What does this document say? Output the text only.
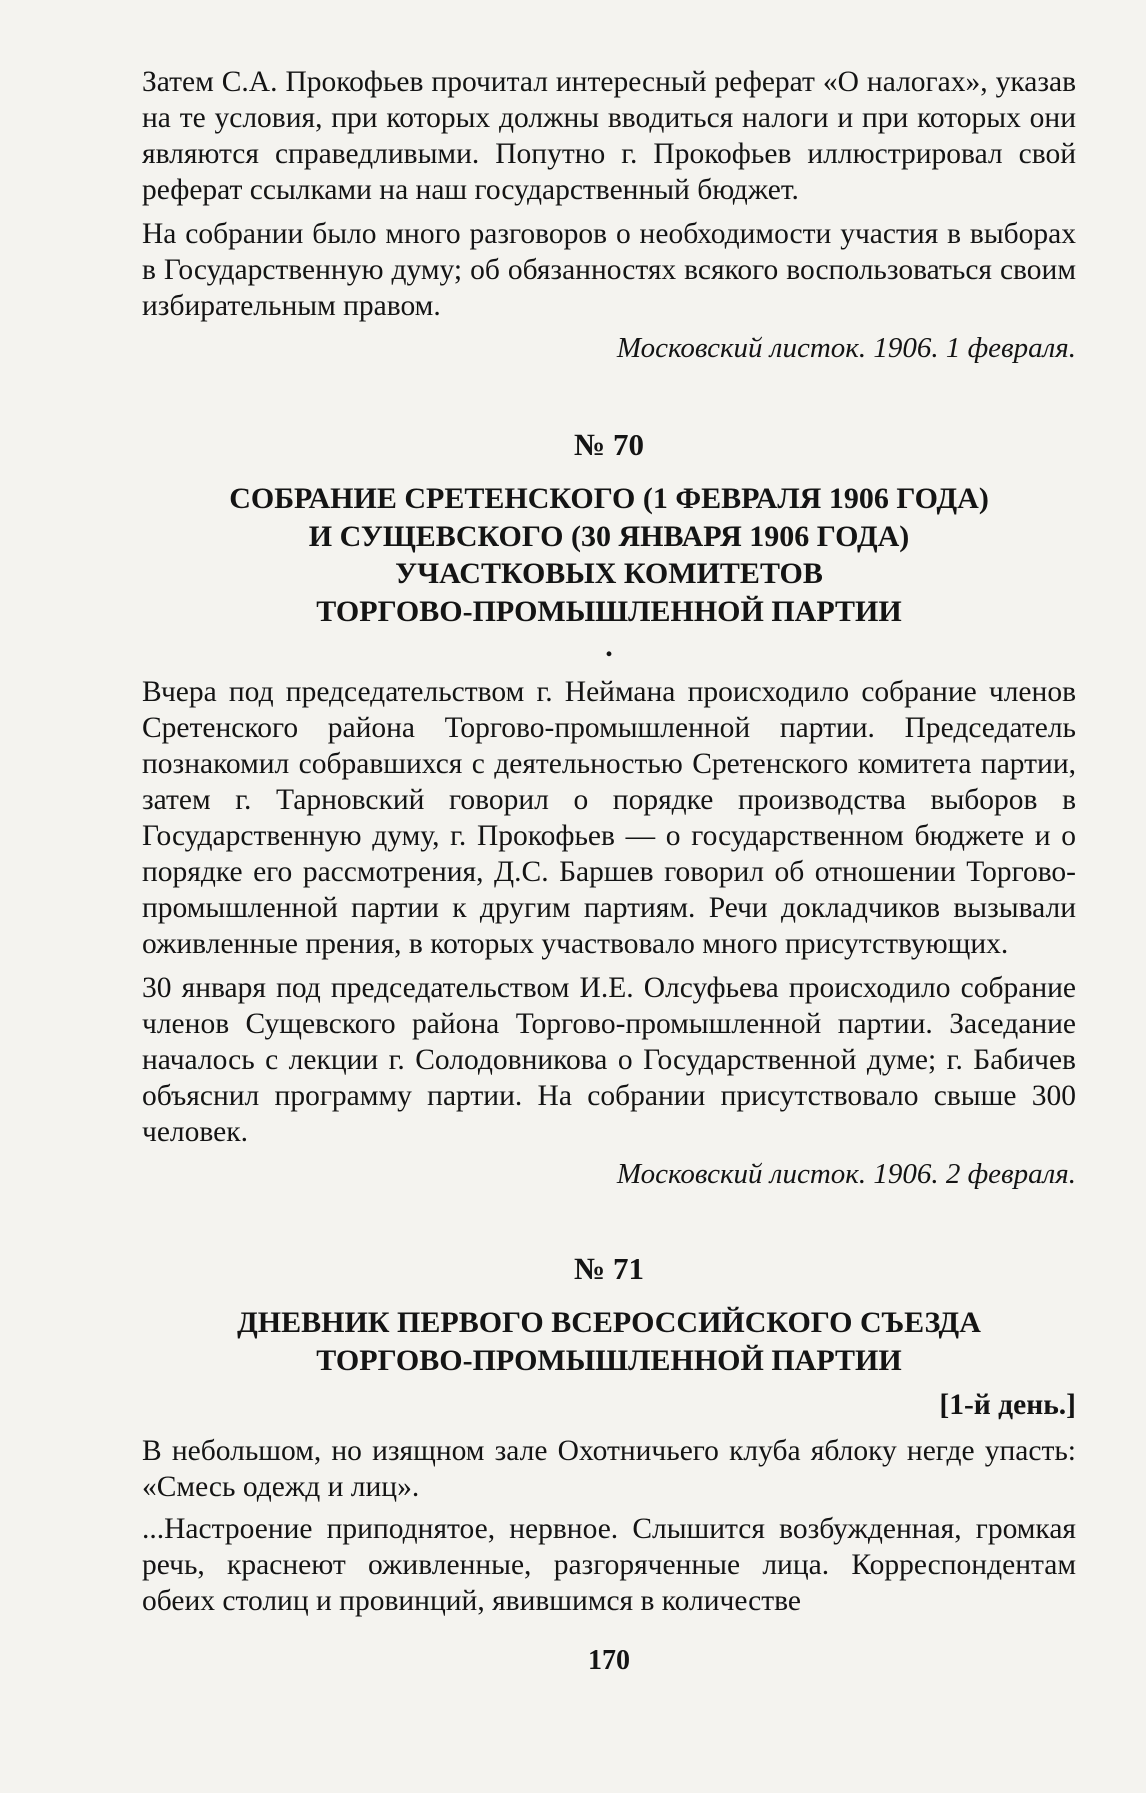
Затем С.А. Прокофьев прочитал интересный реферат «О налогах», указав на те условия, при которых должны вводиться налоги и при которых они являются справедливыми. Попутно г. Прокофьев иллюстрировал свой реферат ссылками на наш государственный бюджет.

На собрании было много разговоров о необходимости участия в выборах в Государственную думу; об обязанностях всякого воспользоваться своим избирательным правом.

Московский листок. 1906. 1 февраля.
№ 70
СОБРАНИЕ СРЕТЕНСКОГО (1 ФЕВРАЛЯ 1906 ГОДА)
И СУЩЕВСКОГО (30 ЯНВАРЯ 1906 ГОДА)
УЧАСТКОВЫХ КОМИТЕТОВ
ТОРГОВО-ПРОМЫШЛЕННОЙ ПАРТИИ
.

Вчера под председательством г. Неймана происходило собрание членов Сретенского района Торгово-промышленной партии. Председатель познакомил собравшихся с деятельностью Сретенского комитета партии, затем г. Тарновский говорил о порядке производства выборов в Государственную думу, г. Прокофьев — о государственном бюджете и о порядке его рассмотрения, Д.С. Баршев говорил об отношении Торгово-промышленной партии к другим партиям. Речи докладчиков вызывали оживленные прения, в которых участвовало много присутствующих.

30 января под председательством И.Е. Олсуфьева происходило собрание членов Сущевского района Торгово-промышленной партии. Заседание началось с лекции г. Солодовникова о Государственной думе; г. Бабичев объяснил программу партии. На собрании присутствовало свыше 300 человек.

Московский листок. 1906. 2 февраля.
№ 71
ДНЕВНИК ПЕРВОГО ВСЕРОССИЙСКОГО СЪЕЗДА
ТОРГОВО-ПРОМЫШЛЕННОЙ ПАРТИИ
[1-й день.]

В небольшом, но изящном зале Охотничьего клуба яблоку негде упасть: «Смесь одежд и лиц».

...Настроение приподнятое, нервное. Слышится возбужденная, громкая речь, краснеют оживленные, разгоряченные лица. Корреспондентам обеих столиц и провинций, явившимся в количестве

170
